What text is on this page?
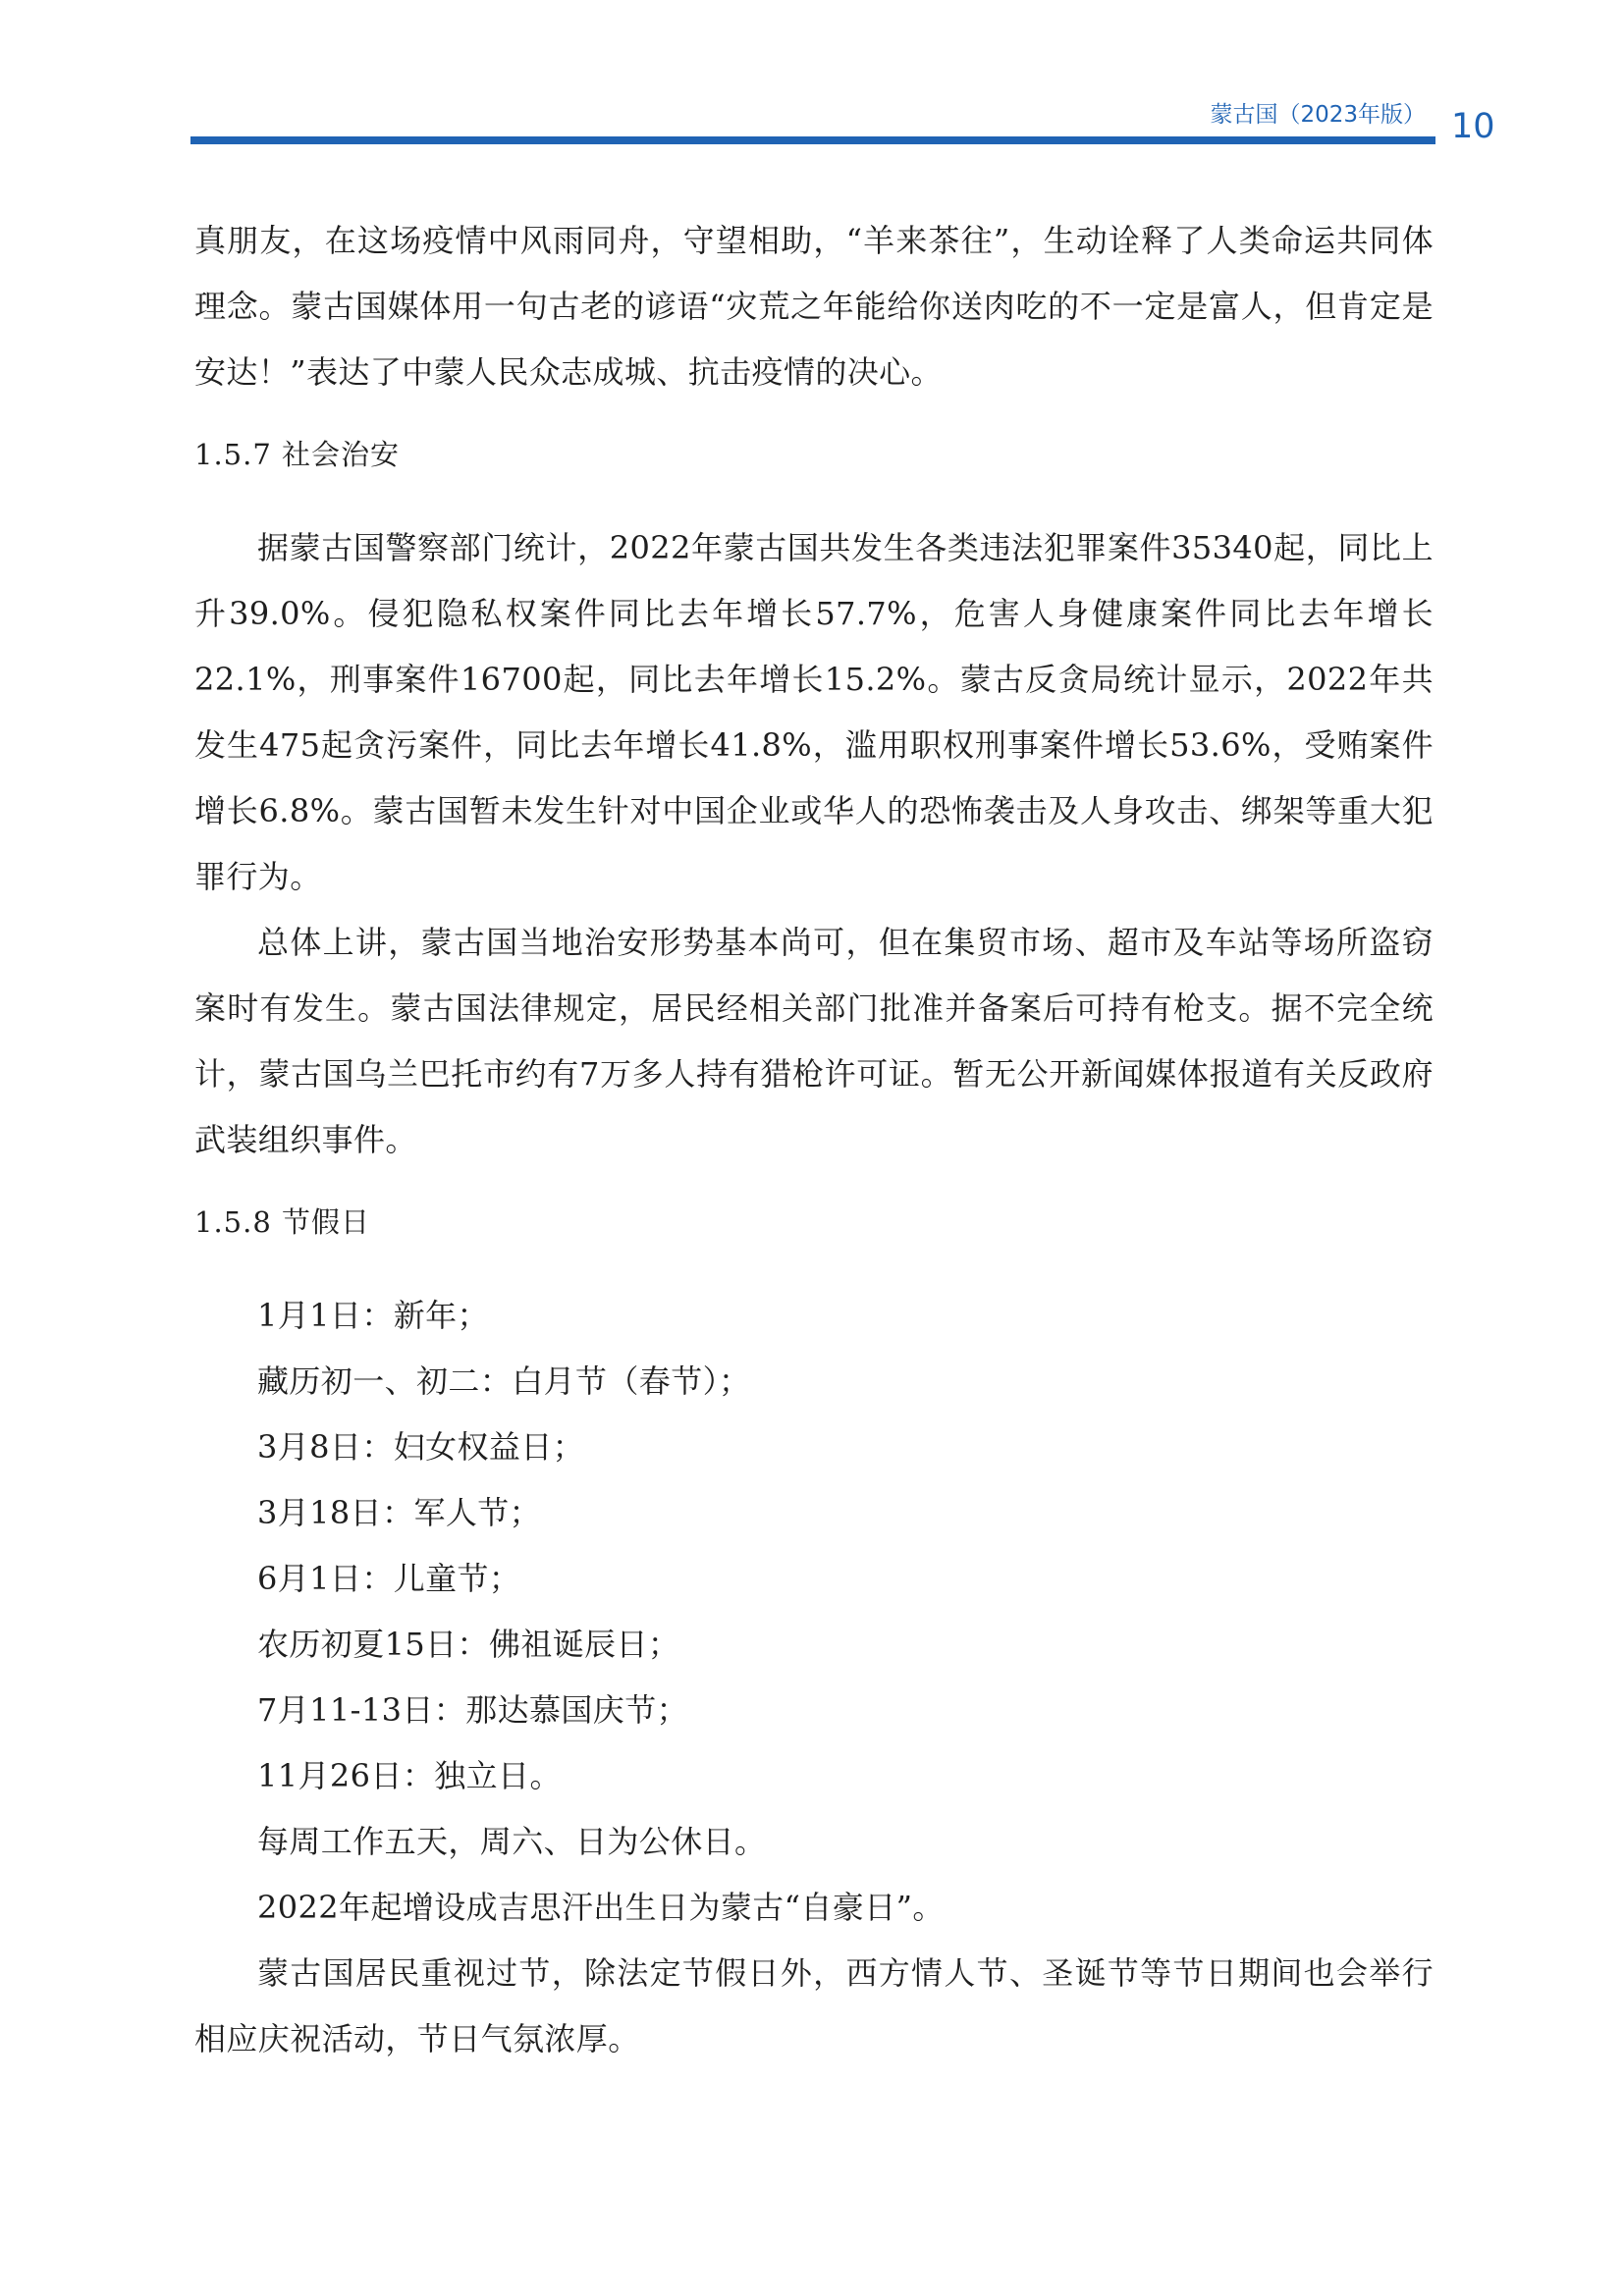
蒙古国（2023年版） 10

真朋友，在这场疫情中风雨同舟，守望相助，“羊来茶往”，生动诠释了人类命运共同体理念。蒙古国媒体用一句古老的谚语“灾荒之年能给你送肉吃的不一定是富人，但肯定是安达！”表达了中蒙人民众志成城、抗击疫情的决心。

1.5.7 社会治安

据蒙古国警察部门统计，2022年蒙古国共发生各类违法犯罪案件35340起，同比上升39.0%。侵犯隐私权案件同比去年增长57.7%，危害人身健康案件同比去年增长22.1%，刑事案件16700起，同比去年增长15.2%。蒙古反贪局统计显示，2022年共发生475起贪污案件，同比去年增长41.8%，滥用职权刑事案件增长53.6%，受贿案件增长6.8%。蒙古国暂未发生针对中国企业或华人的恐怖袭击及人身攻击、绑架等重大犯罪行为。

总体上讲，蒙古国当地治安形势基本尚可，但在集贸市场、超市及车站等场所盗窃案时有发生。蒙古国法律规定，居民经相关部门批准并备案后可持有枪支。据不完全统计，蒙古国乌兰巴托市约有7万多人持有猎枪许可证。暂无公开新闻媒体报道有关反政府武装组织事件。

1.5.8 节假日

1月1日：新年；

藏历初一、初二：白月节（春节）；

3月8日：妇女权益日；

3月18日：军人节；

6月1日：儿童节；

农历初夏15日：佛祖诞辰日；

7月11-13日：那达慕国庆节；

11月26日：独立日。

每周工作五天，周六、日为公休日。

2022年起增设成吉思汗出生日为蒙古“自豪日”。

蒙古国居民重视过节，除法定节假日外，西方情人节、圣诞节等节日期间也会举行相应庆祝活动，节日气氛浓厚。
